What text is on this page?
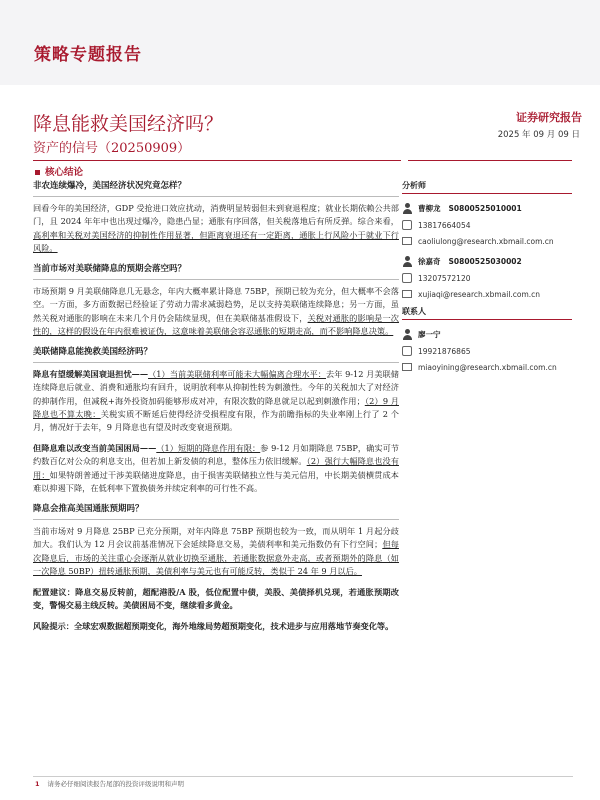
策略专题报告
降息能救美国经济吗？
资产的信号（20250909）
证券研究报告
2025 年 09 月 09 日
核心结论
非农连续爆冷，美国经济状况究竟怎样？

回看今年的美国经济，GDP 受抢进口效应扰动，消费明显转弱但未到衰退程度；就业长期依赖公共部门，且 2024 年年中也出现过爆冷，隐患凸显；通胀有序回落，但关税落地后有所反弹。综合来看，高利率和关税对美国经济的抑制性作用显著，但距离衰退还有一定距离，通胀上行风险小于就业下行风险。

当前市场对美联储降息的预期会落空吗？

市场预期 9 月美联储降息几无悬念，年内大概率累计降息 75BP，预期已较为充分，但大概率不会落空。一方面，多方面数据已经验证了劳动力需求减弱趋势，足以支持美联储连续降息；另一方面，虽然关税对通胀的影响在未来几个月仍会陆续显现，但在美联储基准假设下，关税对通胀的影响是一次性的，这样的假设在年内很难被证伪，这意味着美联储会容忍通胀的短期走高，而不影响降息决策。

美联储降息能挽救美国经济吗？

降息有望缓解美国衰退担忧——（1）当前美联储利率可能未大幅偏离合理水平：去年 9-12 月美联储连续降息后就业、消费和通胀均有回升，说明放利率从抑制性转为刺激性。今年的关税加大了对经济的抑制作用，但减税+海外投资加码能够形成对冲，有限次数的降息就足以起到刺激作用；（2）9 月降息也不算太晚：关税实质不断延后使得经济受损程度有限，作为前瞻指标的失业率刚上行了 2 个月，情况好于去年，9 月降息也有望及时改变衰退预期。

但降息难以改变当前美国困局——（1）短期的降息作用有限：参 9-12 月如期降息 75BP，确实可节约数百亿对公众的利息支出，但若加上新发债的利息，整体压力依旧缓解。（2）强行大幅降息也没有用：如果特朗普通过干涉美联储进度降息，由于损害美联储独立性与美元信用，中长期美债横贯成本难以抑遏下降，在低利率下置换债务并续定利率的可行性不高。

降息会推高美国通胀预期吗？

当前市场对 9 月降息 25BP 已充分预期，对年内降息 75BP 预期也较为一致，而从明年 1 月起分歧加大。我们认为 12 月会议前基准情况下会延续降息交易，美债利率和美元指数仍有下行空间；但每次降息后，市场的关注重心会逐渐从就业切换至通胀，若通胀数据意外走高，或者预期外的降息（如一次降息 50BP）扭转通胀预期，美债利率与美元也有可能反转，类似于 24 年 9 月以后。

配置建议：降息交易反转前，超配港股/A 股，低位配置中债，美股、美债择机兑现，若通胀预期改变，警惕交易主线反转。美债困局不变，继续看多黄金。

风险提示：全球宏观数据超预期变化，海外地缘局势超预期变化，技术进步与应用落地节奏变化等。

分析师
曹柳龙 S0800525010001
13817664054
caoliulong@research.xbmail.com.cn
徐嘉奇 S0800525030002
13207572120
xujiaqi@research.xbmail.com.cn
联系人
廖一宁
19921876865
miaoyining@research.xbmail.com.cn
1 请务必仔细阅读报告尾部的投资评级说明和声明
